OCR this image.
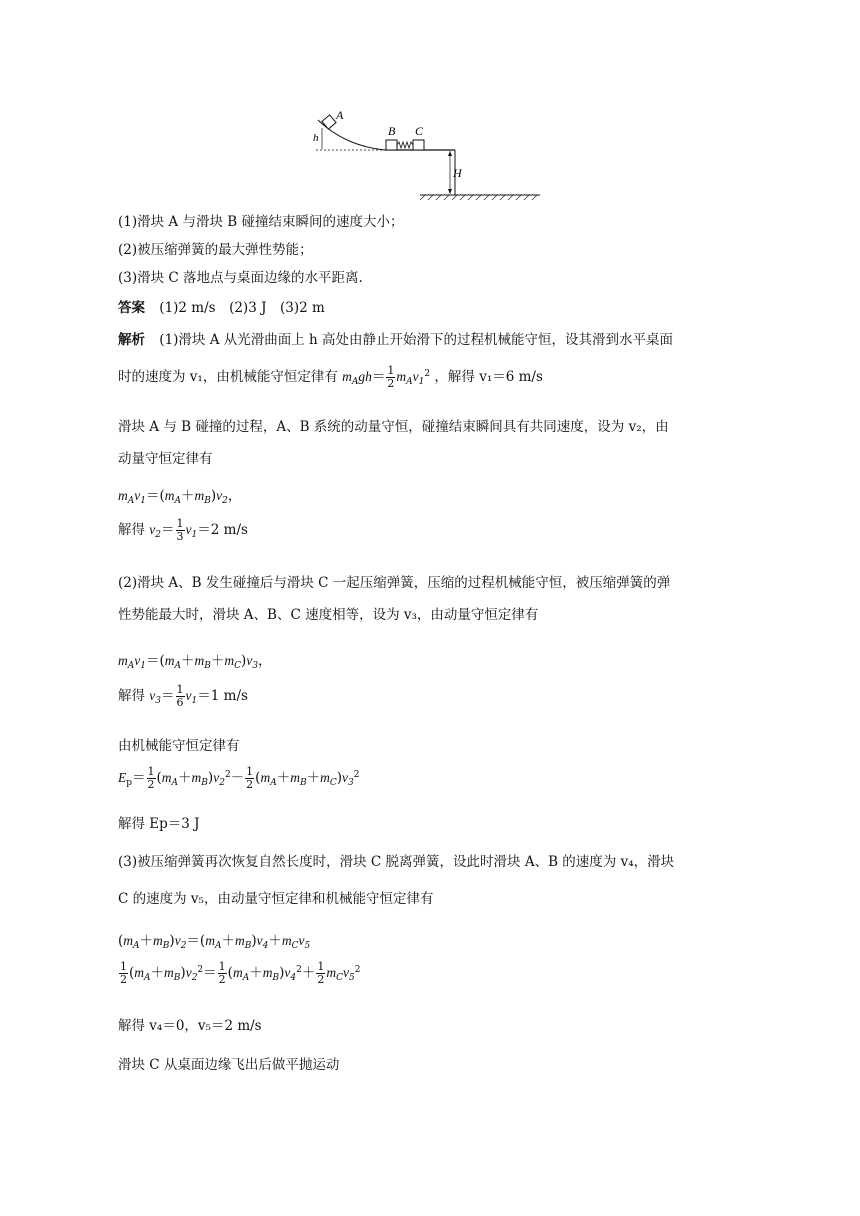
A
B C
h
H
(1)滑块 A 与滑块 B 碰撞结束瞬间的速度大小；
(2)被压缩弹簧的最大弹性势能；
(3)滑块 C 落地点与桌面边缘的水平距离.
答案 (1)2 m/s　(2)3 J　(3)2 m
解析 (1)滑块 A 从光滑曲面上 h 高处由静止开始滑下的过程机械能守恒，设其滑到水平桌面
时的速度为 v₁，由机械能守恒定律有 $m_Agh= \frac{1}{2} m_Av_1^2$ ，解得 v₁＝6 m/s
滑块 A 与 B 碰撞的过程，A、B 系统的动量守恒，碰撞结束瞬间具有共同速度，设为 v₂，由
动量守恒定律有
$m_Av_1=(m_A+m_B)v_2$，
解得 $v_2= \frac{1}{3} v_1=2$ m/s
(2)滑块 A、B 发生碰撞后与滑块 C 一起压缩弹簧，压缩的过程机械能守恒，被压缩弹簧的弹
性势能最大时，滑块 A、B、C 速度相等，设为 v₃，由动量守恒定律有
$m_Av_1=(m_A+m_B+m_C)v_3$，
解得 $v_3= \frac{1}{6} v_1=1$ m/s
由机械能守恒定律有
$E_p= \frac{1}{2} (m_A+m_B)v_2^2- \frac{1}{2} (m_A+m_B+m_C)v_3^2$
解得 Ep＝3 J
(3)被压缩弹簧再次恢复自然长度时，滑块 C 脱离弹簧，设此时滑块 A、B 的速度为 v₄，滑块
C 的速度为 v₅，由动量守恒定律和机械能守恒定律有
$(m_A+m_B)v_2=(m_A+m_B)v_4+m_Cv_5$
$\frac{1}{2} (m_A+m_B)v_2^2= \frac{1}{2} (m_A+m_B)v_4^2+ \frac{1}{2} m_Cv_5^2$
解得 v₄＝0，v₅＝2 m/s
滑块 C 从桌面边缘飞出后做平抛运动
